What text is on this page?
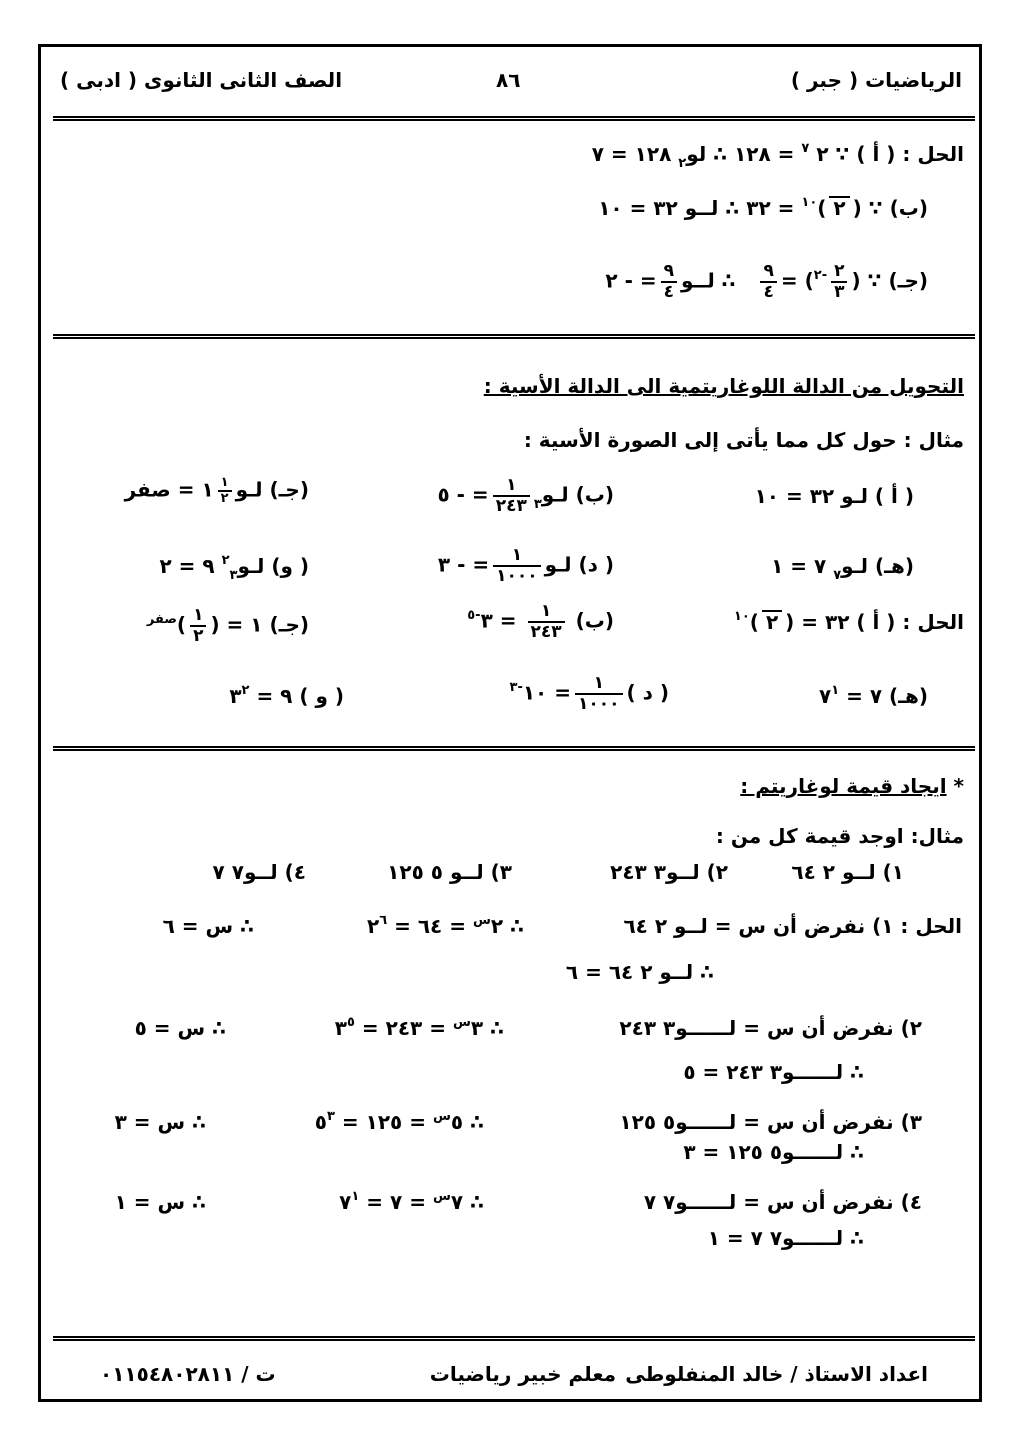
الرياضيات ( جبر )
٨٦
الصف الثانى الثانوى ( ادبى )
الحل : ( أ ) ∵ ٢ $^٧$ = ١٢٨ ∴ لو$_٢$ ١٢٨ = ٧
(ب) ∵ (٢)$^{١٠}$ = ٣٢ ∴ لــو ٣٢ = ١٠
(جـ) ∵ (
$\frac{٢}{٣}$
$^{-٢}$) =
$\frac{٩}{٤}$
∴ لــو
$\frac{٩}{٤}$
= - ٢
التحويل من الدالة اللوغاريتمية الى الدالة الأسية :
مثال : حول كل مما يأتى إلى الصورة الأسية :
( أ ) لـو ٣٢ = ١٠
(ب) لـو$_٣$
$\frac{١}{٢٤٣}$
= - ٥
(جـ) لـو
$\frac{١}{٢}$
١ = صفر
(هـ) لـو$_٧$ ٧ = ١
( د) لـو
$\frac{١}{١٠٠٠}$
= - ٣
( و) لـو$^٢_٣$ ٩ = ٢
الحل : ( أ ) ٣٢ = (٢)$^{١٠}$
(ب)
$\frac{١}{٢٤٣}$
= $٣^{-٥}$
(جـ) ١ = (
$\frac{١}{٢}$
)$^{صفر}$
(هـ) ٧ = $٧^١$
( د )
$\frac{١}{١٠٠٠}$
= $١٠^{-٣}$
( و ) ٩ = $٣^٢$
* ايجاد قيمة لوغاريتم :
مثال: اوجد قيمة كل من :
١) لــو ٢ ٦٤
٢) لــو٣ ٢٤٣
٣) لــو ٥ ١٢٥
٤) لــو٧ ٧
الحل : ١) نفرض أن س = لــو ٢ ٦٤
∴ $٢^س$ = ٦٤ = $٢^٦$
∴ س = ٦
∴ لــو ٢ ٦٤ = ٦
٢) نفرض أن س = لــــــو٣ ٢٤٣
∴ $٣^س$ = ٢٤٣ = $٣^٥$
∴ س = ٥
∴ لــــــو٣ ٢٤٣ = ٥
٣) نفرض أن س = لــــــو٥ ١٢٥
∴ $٥^س$ = ١٢٥ = $٥^٣$
∴ س = ٣
∴ لــــــو٥ ١٢٥ = ٣
٤) نفرض أن س = لــــــو٧ ٧
∴ $٧^س$ = ٧ = $٧^١$
∴ س = ١
∴ لــــــو٧ ٧ = ١
اعداد الاستاذ / خالد المنفلوطى
معلم خبير رياضيات
ت / ٠١١٥٤٨٠٢٨١١
